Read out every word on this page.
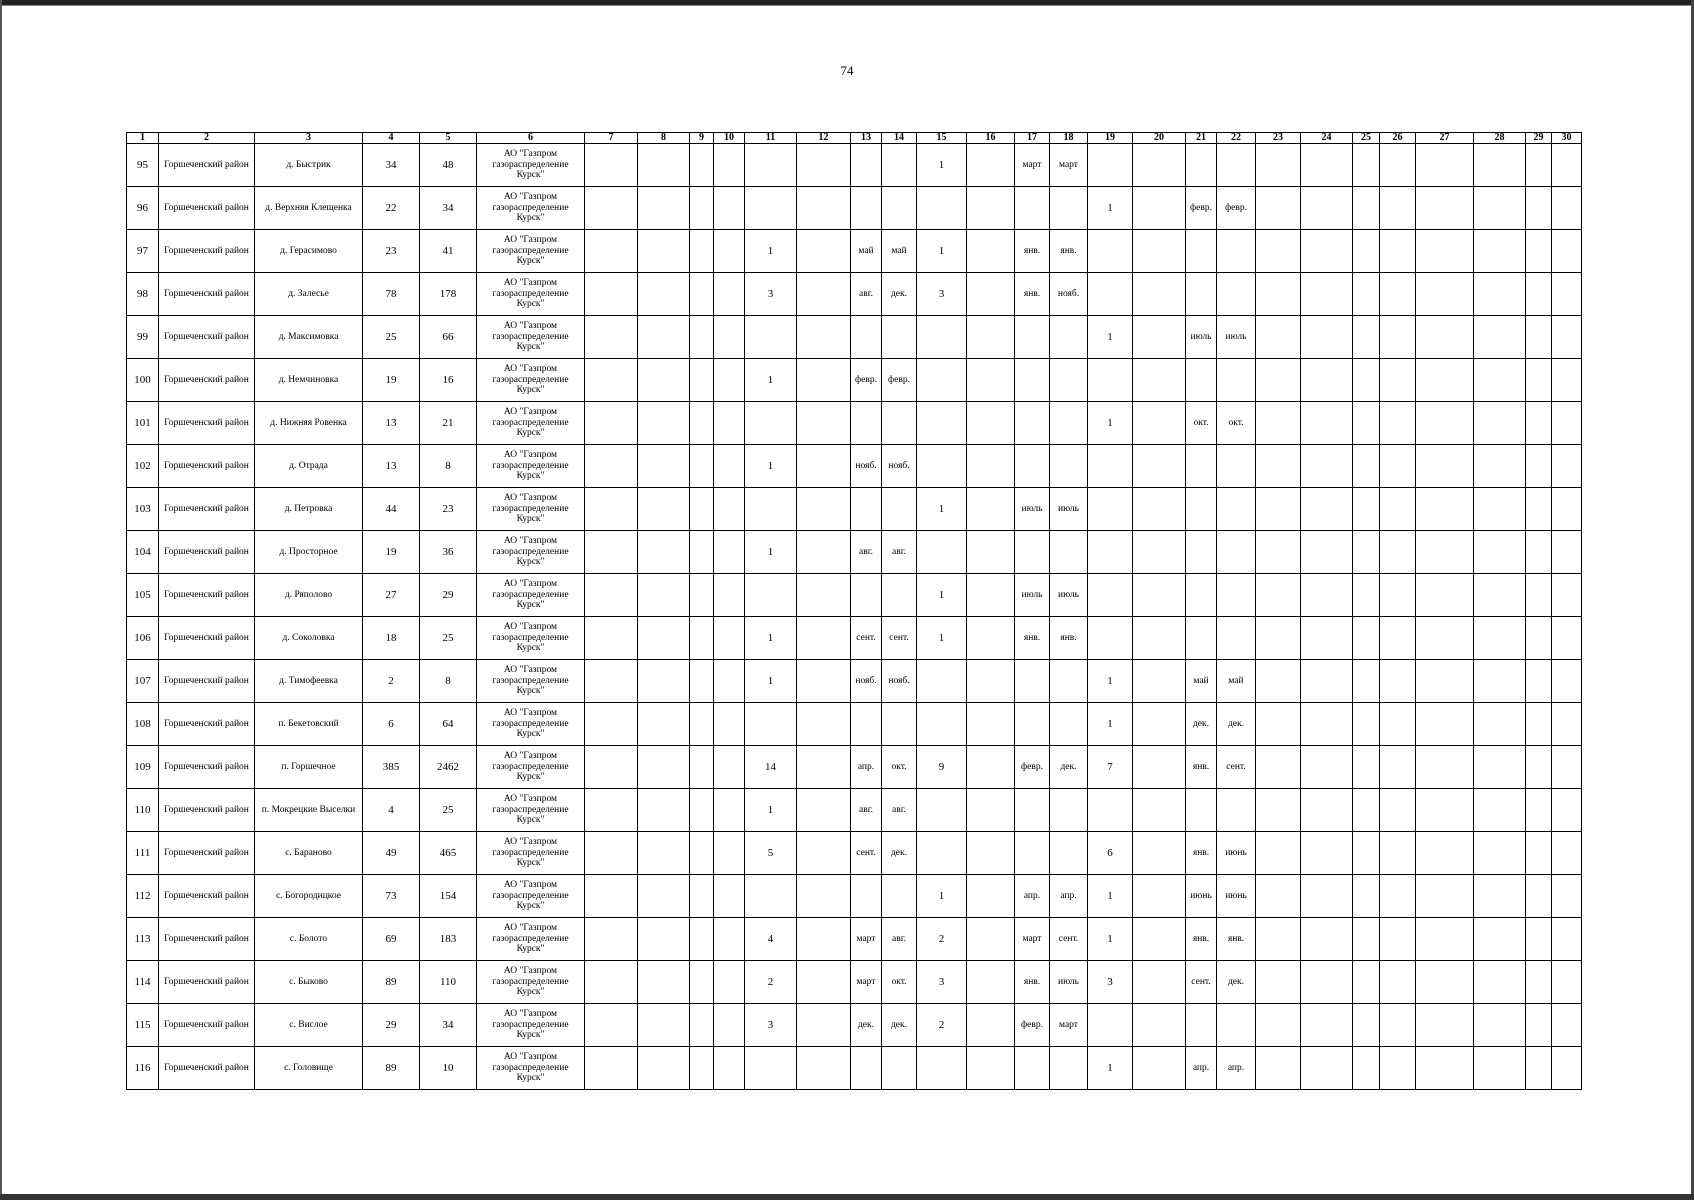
74
1	2	3	4	5	6	7	8	9	10	11	12	13	14	15	16	17	18	19	20	21	22	23	24	25	26	27	28	29	30
95	Горшеченский район	д. Быстрик	34	48	АО "Газпром
газораспределение
Курск"									1		март	март												
96	Горшеченский район	д. Верхняя Клещенка	22	34	АО "Газпром
газораспределение
Курск"													1		февр.	февр.								
97	Горшеченский район	д. Герасимово	23	41	АО "Газпром
газораспределение
Курск"					1		май	май	1		янв.	янв.												
98	Горшеченский район	д. Залесье	78	178	АО "Газпром
газораспределение
Курск"					3		авг.	дек.	3		янв.	нояб.												
99	Горшеченский район	д. Максимовка	25	66	АО "Газпром
газораспределение
Курск"													1		июль	июль								
100	Горшеченский район	д. Немчиновка	19	16	АО "Газпром
газораспределение
Курск"					1		февр.	февр.																
101	Горшеченский район	д. Нижняя Ровенка	13	21	АО "Газпром
газораспределение
Курск"													1		окт.	окт.								
102	Горшеченский район	д. Отрада	13	8	АО "Газпром
газораспределение
Курск"					1		нояб.	нояб.																
103	Горшеченский район	д. Петровка	44	23	АО "Газпром
газораспределение
Курск"									1		июль	июль												
104	Горшеченский район	д. Просторное	19	36	АО "Газпром
газораспределение
Курск"					1		авг.	авг.																
105	Горшеченский район	д. Ряполово	27	29	АО "Газпром
газораспределение
Курск"									1		июль	июль												
106	Горшеченский район	д. Соколовка	18	25	АО "Газпром
газораспределение
Курск"					1		сент.	сент.	1		янв.	янв.												
107	Горшеченский район	д. Тимофеевка	2	8	АО "Газпром
газораспределение
Курск"					1		нояб.	нояб.					1		май	май								
108	Горшеченский район	п. Бекетовский	6	64	АО "Газпром
газораспределение
Курск"													1		дек.	дек.								
109	Горшеченский район	п. Горшечное	385	2462	АО "Газпром
газораспределение
Курск"					14		апр.	окт.	9		февр.	дек.	7		янв.	сент.								
110	Горшеченский район	п. Мокрецкие Выселки	4	25	АО "Газпром
газораспределение
Курск"					1		авг.	авг.																
111	Горшеченский район	с. Бараново	49	465	АО "Газпром
газораспределение
Курск"					5		сент.	дек.					6		янв.	июнь								
112	Горшеченский район	с. Богородицкое	73	154	АО "Газпром
газораспределение
Курск"									1		апр.	апр.	1		июнь	июнь								
113	Горшеченский район	с. Болото	69	183	АО "Газпром
газораспределение
Курск"					4		март	авг.	2		март	сент.	1		янв.	янв.								
114	Горшеченский район	с. Быково	89	110	АО "Газпром
газораспределение
Курск"					2		март	окт.	3		янв.	июль	3		сент.	дек.								
115	Горшеченский район	с. Вислое	29	34	АО "Газпром
газораспределение
Курск"					3		дек.	дек.	2		февр.	март												
116	Горшеченский район	с. Головище	89	10	АО "Газпром
газораспределение
Курск"													1		апр.	апр.								
